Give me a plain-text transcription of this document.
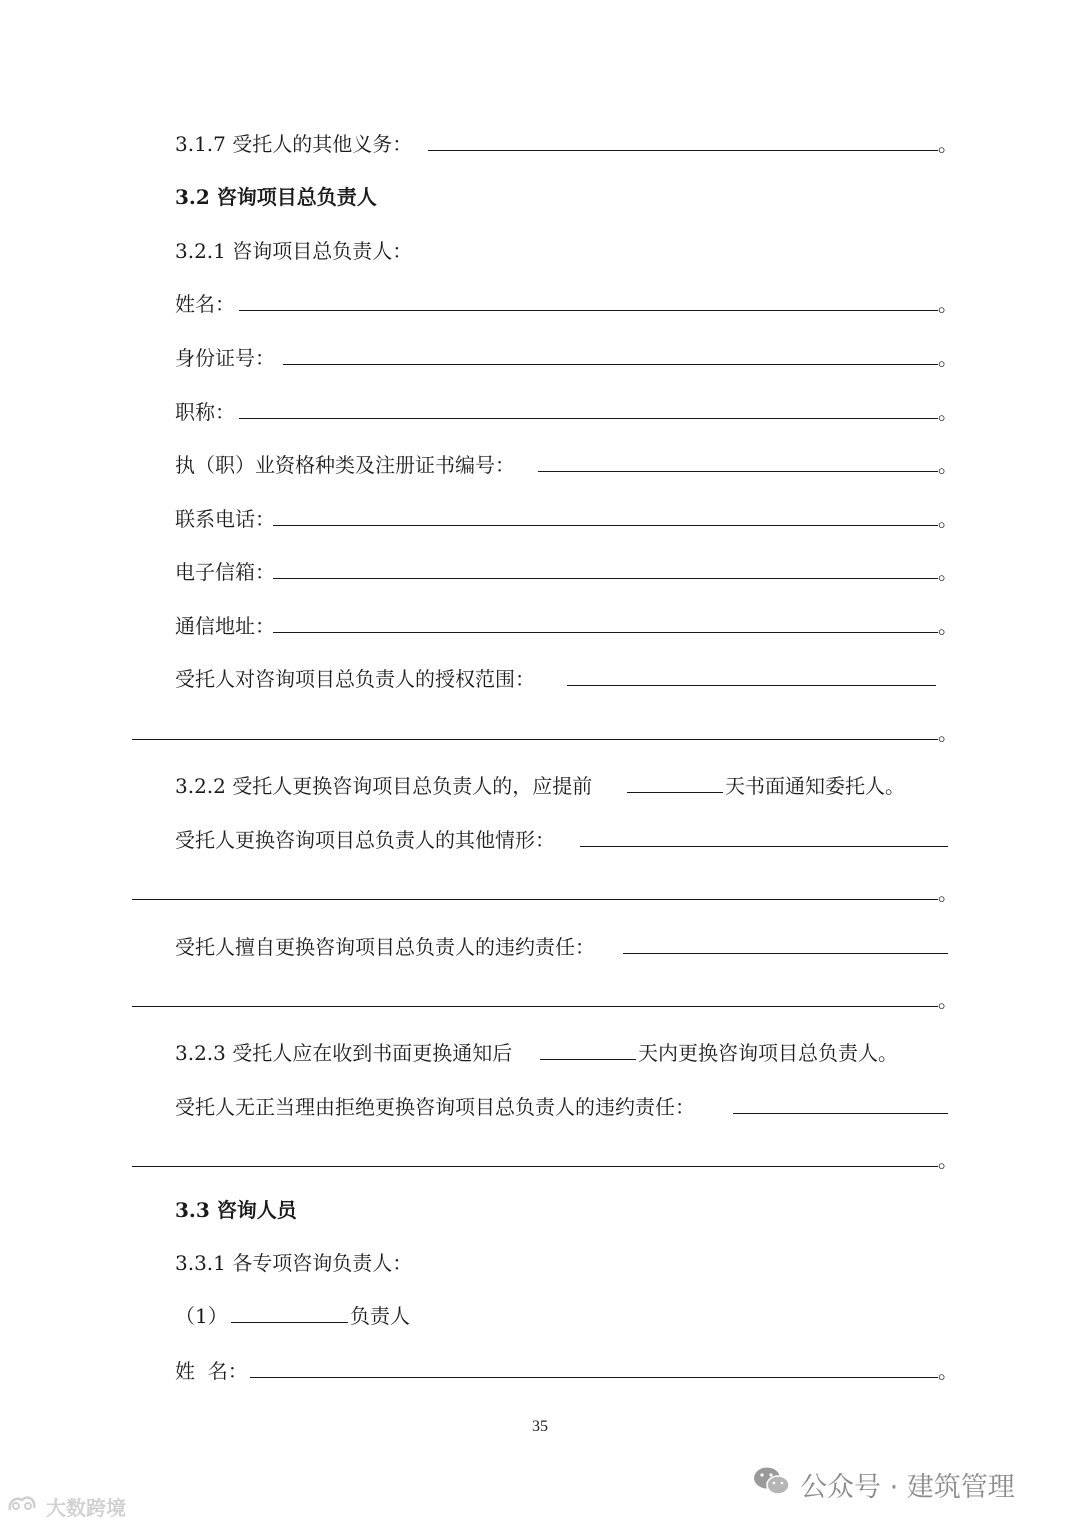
3.1.7 受托人的其他义务：	。
3.2 咨询项目总负责人
3.2.1 咨询项目总负责人：
姓名：	。
身份证号：	。
职称：	。
执（职）业资格种类及注册证书编号：	。
联系电话：	。
电子信箱：	。
通信地址：	。
受托人对咨询项目总负责人的授权范围：
。
3.2.2 受托人更换咨询项目总负责人的，应提前	天书面通知委托人。
受托人更换咨询项目总负责人的其他情形：
。
受托人擅自更换咨询项目总负责人的违约责任：
。
3.2.3 受托人应在收到书面更换通知后	天内更换咨询项目总负责人。
受托人无正当理由拒绝更换咨询项目总负责人的违约责任：
。
3.3 咨询人员
3.3.1 各专项咨询负责人：
（1）	负责人
姓  名：	。
35
公众号 · 建筑管理
大数跨境
